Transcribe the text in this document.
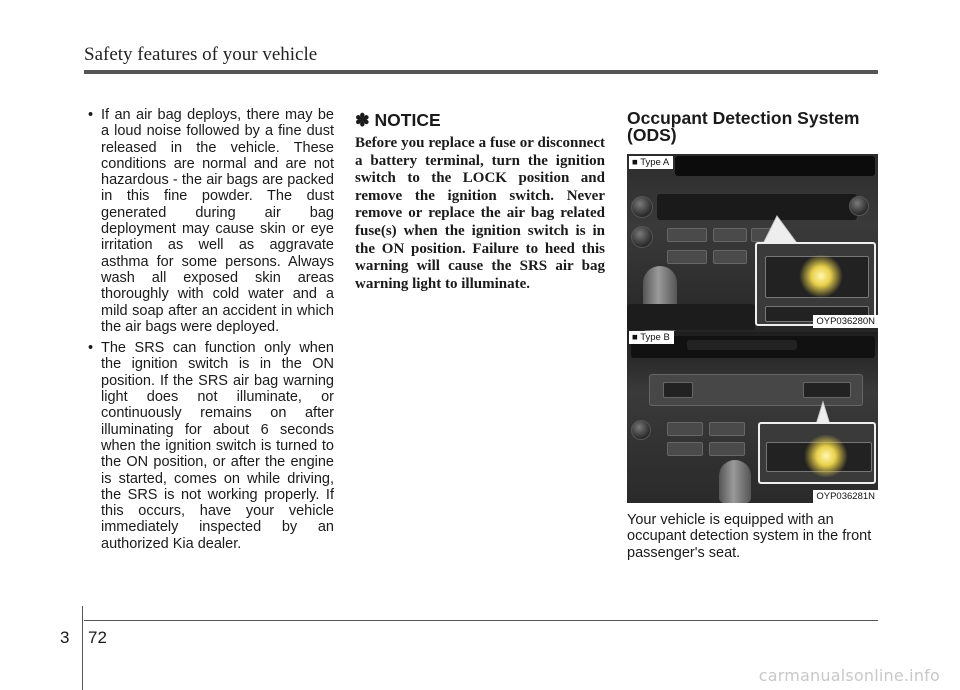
Safety features of your vehicle
• If an air bag deploys, there may be a loud noise followed by a fine dust released in the vehicle. These conditions are normal and are not hazardous - the air bags are packed in this fine powder. The dust generated during air bag deployment may cause skin or eye irritation as well as aggravate asthma for some persons. Always wash all exposed skin areas thoroughly with cold water and a mild soap after an accident in which the air bags were deployed.
• The SRS can function only when the ignition switch is in the ON position. If the SRS air bag warning light does not illuminate, or continuously remains on after illuminating for about 6 seconds when the ignition switch is turned to the ON position, or after the engine is started, comes on while driving, the SRS is not working properly. If this occurs, have your vehicle immediately inspected by an authorized Kia dealer.
✽ NOTICE
Before you replace a fuse or disconnect a battery terminal, turn the ignition switch to the LOCK position and remove the ignition switch. Never remove or replace the air bag related fuse(s) when the ignition switch is in the ON position. Failure to heed this warning will cause the SRS air bag warning light to illuminate.
Occupant Detection System (ODS)
■ Type A
OYP036280N
■ Type B
OYP036281N
Your vehicle is equipped with an occupant detection system in the front passenger's seat.
3 72
carmanualsonline.info
